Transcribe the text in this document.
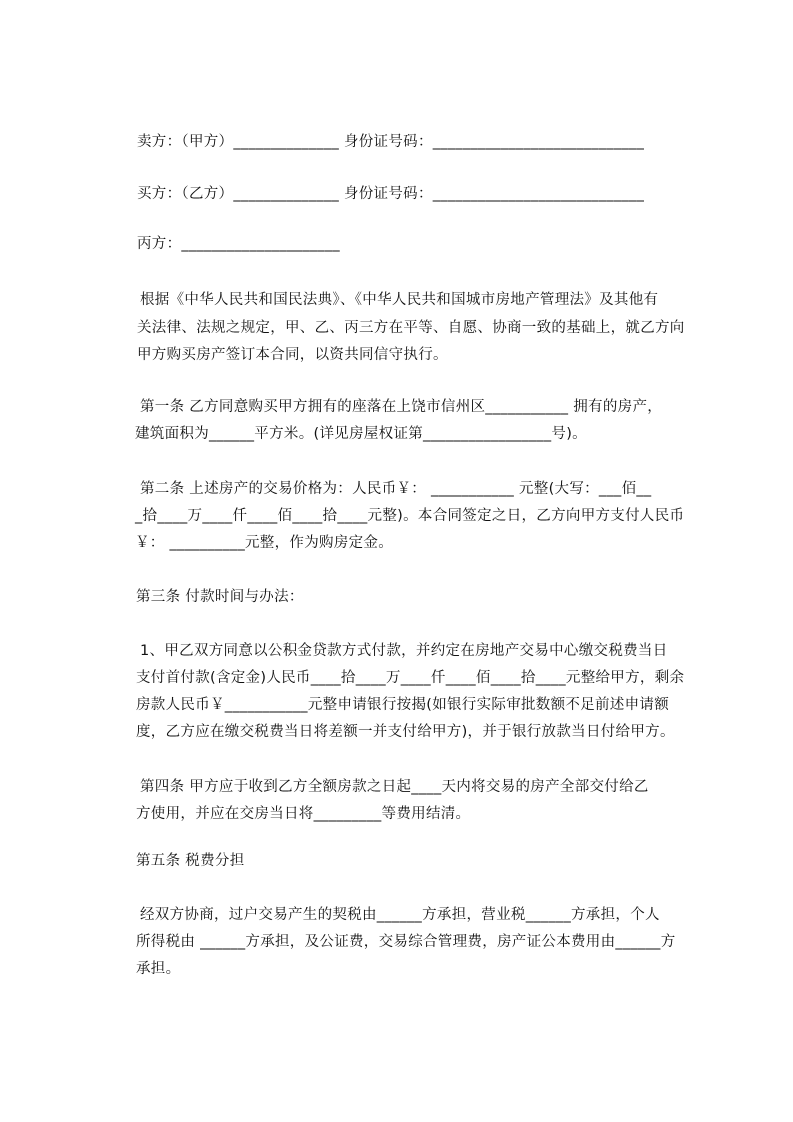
卖方：（甲方）______________ 身份证号码：____________________________
买方：（乙方）______________ 身份证号码：____________________________
丙方：_____________________
根据《中华人民共和国民法典》、《中华人民共和国城市房地产管理法》及其他有
关法律、法规之规定，甲、乙、丙三方在平等、自愿、协商一致的基础上，就乙方向
甲方购买房产签订本合同，以资共同信守执行。
第一条 乙方同意购买甲方拥有的座落在上饶市信州区___________ 拥有的房产，
建筑面积为______平方米。(详见房屋权证第_________________号)。
第二条 上述房产的交易价格为：人民币￥： ___________ 元整(大写：___佰__
_拾____万____仟____佰____拾____元整)。本合同签定之日，乙方向甲方支付人民币
￥： __________元整，作为购房定金。
第三条 付款时间与办法：
1、甲乙双方同意以公积金贷款方式付款，并约定在房地产交易中心缴交税费当日
支付首付款(含定金)人民币____拾____万____仟____佰____拾____元整给甲方，剩余
房款人民币￥___________元整申请银行按揭(如银行实际审批数额不足前述申请额
度，乙方应在缴交税费当日将差额一并支付给甲方)，并于银行放款当日付给甲方。
第四条 甲方应于收到乙方全额房款之日起____天内将交易的房产全部交付给乙
方使用，并应在交房当日将_________等费用结清。
第五条 税费分担
经双方协商，过户交易产生的契税由______方承担，营业税______方承担，个人
所得税由 ______方承担，及公证费，交易综合管理费，房产证公本费用由______方
承担。
